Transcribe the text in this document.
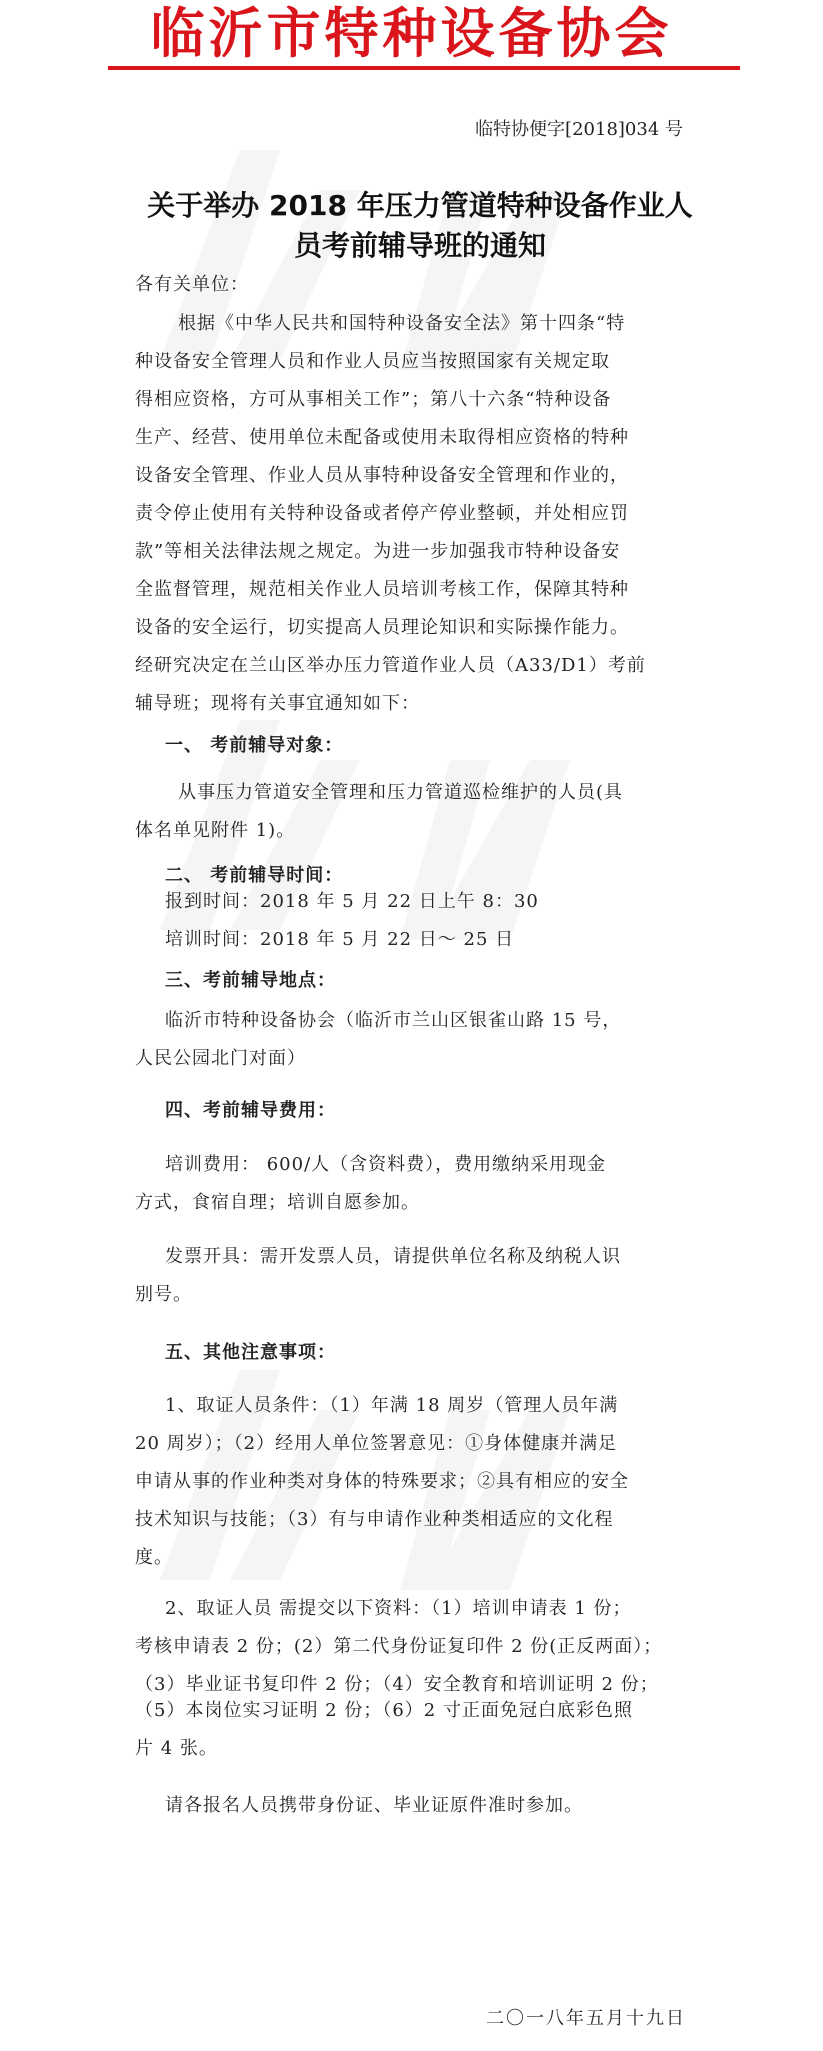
临沂市特种设备协会
临特协便字[2018]034 号
关于举办 2018 年压力管道特种设备作业人
员考前辅导班的通知
各有关单位：
根据《中华人民共和国特种设备安全法》第十四条“特
种设备安全管理人员和作业人员应当按照国家有关规定取
得相应资格，方可从事相关工作”；第八十六条“特种设备
生产、经营、使用单位未配备或使用未取得相应资格的特种
设备安全管理、作业人员从事特种设备安全管理和作业的，
责令停止使用有关特种设备或者停产停业整顿，并处相应罚
款”等相关法律法规之规定。为进一步加强我市特种设备安
全监督管理，规范相关作业人员培训考核工作，保障其特种
设备的安全运行，切实提高人员理论知识和实际操作能力。
经研究决定在兰山区举办压力管道作业人员（A33/D1）考前
辅导班；现将有关事宜通知如下：
一、 考前辅导对象：
从事压力管道安全管理和压力管道巡检维护的人员(具
体名单见附件 1)。
二、 考前辅导时间：
报到时间：2018 年 5 月 22 日上午 8：30
培训时间：2018 年 5 月 22 日～ 25 日
三、考前辅导地点：
临沂市特种设备协会（临沂市兰山区银雀山路 15 号，
人民公园北门对面）
四、考前辅导费用：
培训费用： 600/人（含资料费），费用缴纳采用现金
方式，食宿自理；培训自愿参加。
发票开具：需开发票人员，请提供单位名称及纳税人识
别号。
五、其他注意事项：
1、取证人员条件：（1）年满 18 周岁（管理人员年满
20 周岁）；（2）经用人单位签署意见：①身体健康并满足
申请从事的作业种类对身体的特殊要求；②具有相应的安全
技术知识与技能；（3）有与申请作业种类相适应的文化程
度。
2、取证人员 需提交以下资料：（1）培训申请表 1 份；
考核申请表 2 份；(2）第二代身份证复印件 2 份(正反两面）；
（3）毕业证书复印件 2 份；（4）安全教育和培训证明 2 份；
（5）本岗位实习证明 2 份；（6）2 寸正面免冠白底彩色照
片 4 张。
请各报名人员携带身份证、毕业证原件准时参加。
二〇一八年五月十九日
